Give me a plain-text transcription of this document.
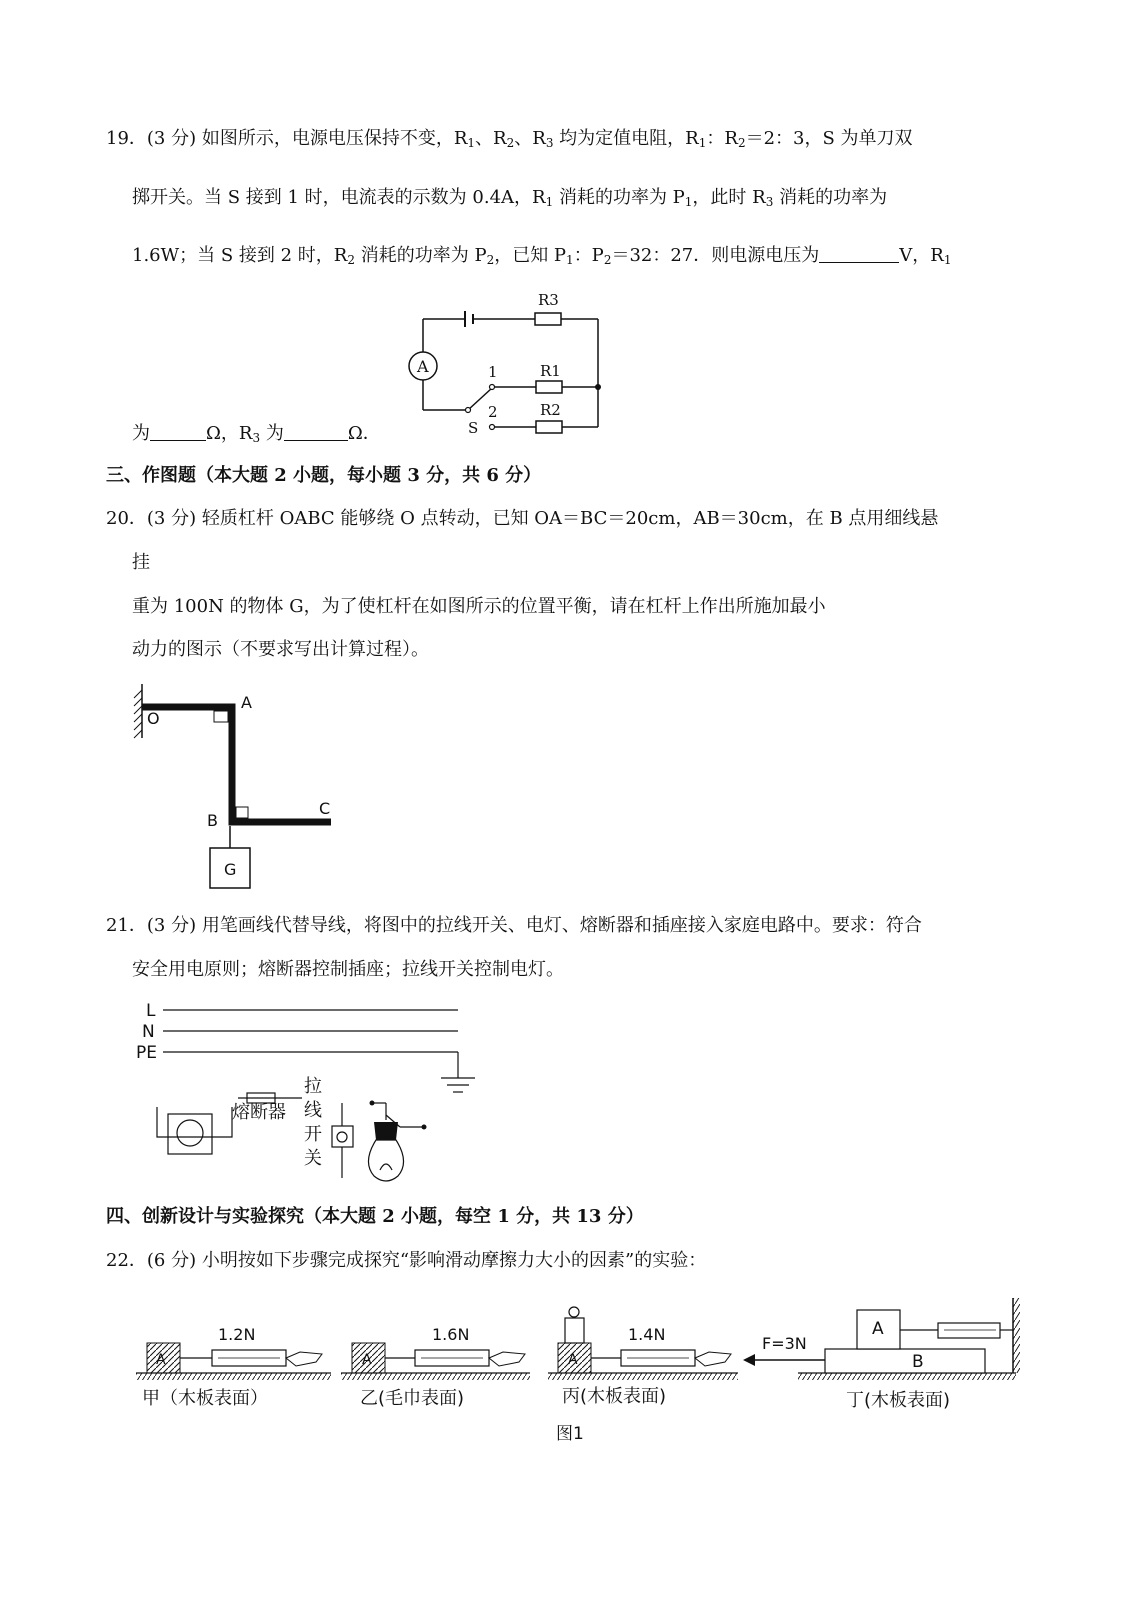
19．(3 分) 如图所示，电源电压保持不变，$R_1$、$R_2$、$R_3$ 均为定值电阻，$R_1$：$R_2=2$：3，S 为单刀双
掷开关。当 S 接到 1 时，电流表的示数为 0.4A，$R_1$ 消耗的功率为 $P_1$，此时 $R_3$ 消耗的功率为
1.6W；当 S 接到 2 时，$R_2$ 消耗的功率为 $P_2$，已知 $P_1$：$P_2=32$：27．则电源电压为	V，$R_1$
为	Ω，$R_3$ 为	Ω．
A
R3
R1
R2
1
2
S
三、作图题（本大题 2 小题，每小题 3 分，共 6 分）
20．(3 分) 轻质杠杆 OABC 能够绕 O 点转动，已知 OA＝BC＝20cm，AB＝30cm，在 B 点用细线悬
挂
重为 100N 的物体 G，为了使杠杆在如图所示的位置平衡，请在杠杆上作出所施加最小
动力的图示（不要求写出计算过程）。
O
A
B
C
G
21．(3 分) 用笔画线代替导线，将图中的拉线开关、电灯、熔断器和插座接入家庭电路中。要求：符合
安全用电原则；熔断器控制插座；拉线开关控制电灯。
L
N
PE
熔断器
拉
线
开
关
四、创新设计与实验探究（本大题 2 小题，每空 1 分，共 13 分）
22．(6 分) 小明按如下步骤完成探究“影响滑动摩擦力大小的因素”的实验：
A
1.2N
甲（木板表面）
A
1.6N
乙(毛巾表面)
A
1.4N
丙(木板表面)
A
B
F=3N
丁(木板表面)
图1
